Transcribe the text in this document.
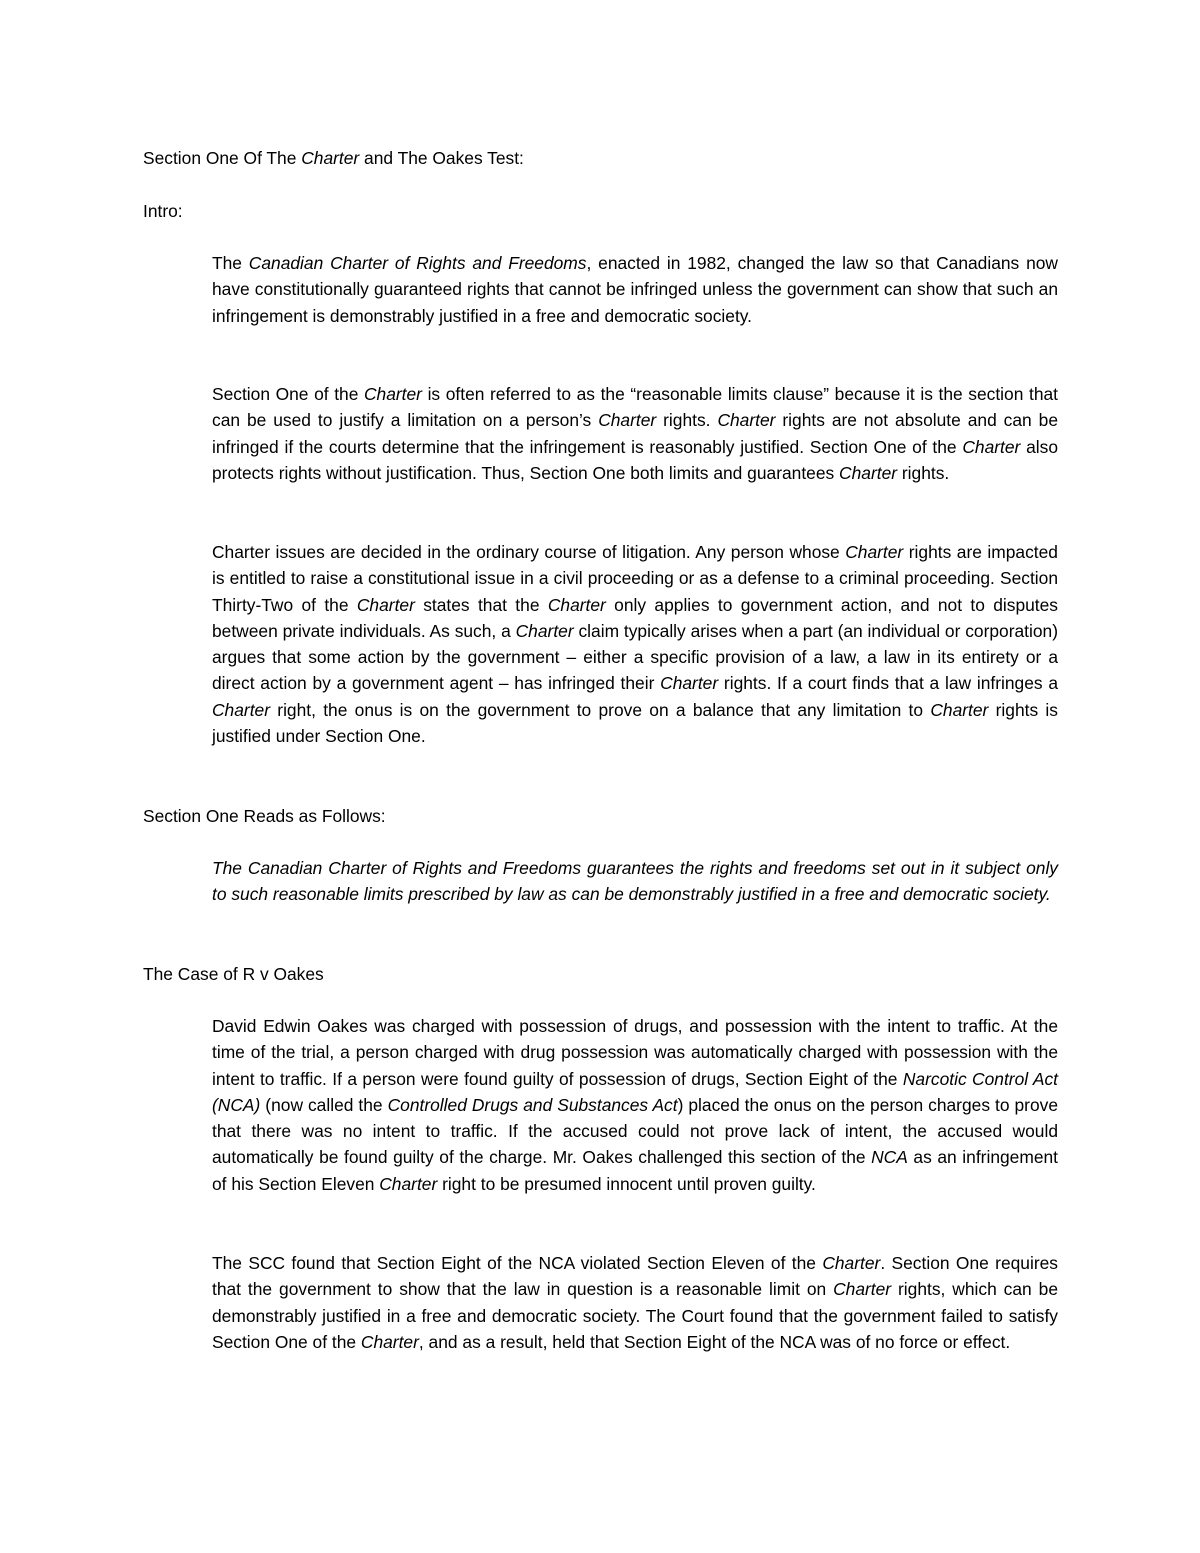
Section One Of The Charter and The Oakes Test:

Intro:

The Canadian Charter of Rights and Freedoms, enacted in 1982, changed the law so that Canadians now have constitutionally guaranteed rights that cannot be infringed unless the government can show that such an infringement is demonstrably justified in a free and democratic society.

Section One of the Charter is often referred to as the “reasonable limits clause” because it is the section that can be used to justify a limitation on a person’s Charter rights. Charter rights are not absolute and can be infringed if the courts determine that the infringement is reasonably justified. Section One of the Charter also protects rights without justification. Thus, Section One both limits and guarantees Charter rights.

Charter issues are decided in the ordinary course of litigation. Any person whose Charter rights are impacted is entitled to raise a constitutional issue in a civil proceeding or as a defense to a criminal proceeding. Section Thirty-Two of the Charter states that the Charter only applies to government action, and not to disputes between private individuals. As such, a Charter claim typically arises when a part (an individual or corporation) argues that some action by the government – either a specific provision of a law, a law in its entirety or a direct action by a government agent – has infringed their Charter rights. If a court finds that a law infringes a Charter right, the onus is on the government to prove on a balance that any limitation to Charter rights is justified under Section One.

Section One Reads as Follows:

The Canadian Charter of Rights and Freedoms guarantees the rights and freedoms set out in it subject only to such reasonable limits prescribed by law as can be demonstrably justified in a free and democratic society.

The Case of R v Oakes

David Edwin Oakes was charged with possession of drugs, and possession with the intent to traffic. At the time of the trial, a person charged with drug possession was automatically charged with possession with the intent to traffic. If a person were found guilty of possession of drugs, Section Eight of the Narcotic Control Act (NCA) (now called the Controlled Drugs and Substances Act) placed the onus on the person charges to prove that there was no intent to traffic. If the accused could not prove lack of intent, the accused would automatically be found guilty of the charge. Mr. Oakes challenged this section of the NCA as an infringement of his Section Eleven Charter right to be presumed innocent until proven guilty.

The SCC found that Section Eight of the NCA violated Section Eleven of the Charter. Section One requires that the government to show that the law in question is a reasonable limit on Charter rights, which can be demonstrably justified in a free and democratic society. The Court found that the government failed to satisfy Section One of the Charter, and as a result, held that Section Eight of the NCA was of no force or effect.
